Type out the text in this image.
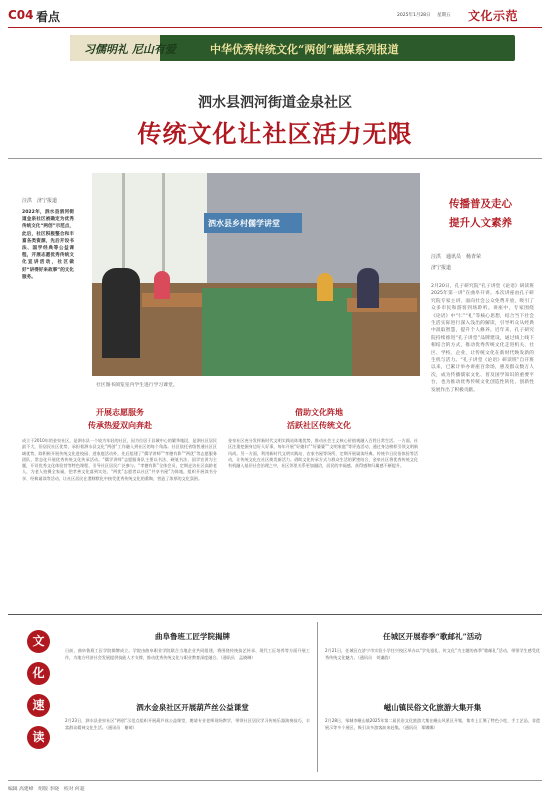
C04 看点	2025年1月28日 星期五 文化示范
习儒明礼 尼山有爱	中华优秀传统文化“两创”融媒系列报道
泗水县泗河街道金泉社区
传统文化让社区活力无限
汪洪　济宁报道
2022年，泗水县泗河街道金泉社区被确定为优秀传统文化“两创”示范点，此后，社区积极整合和丰富各类资源，先后开设书法、国学经典等公益课程，开展志愿优秀传统文化宣讲活动，社区做好“讲得好来故事”的文化服务。
泗水县乡村儒学讲堂
社区图书阅览室内学生进行学习课堂。
传播普及走心
提升人文素养
汪洪　通讯员　杨青荣
济宁报道
2月20日，孔子研究院“孔子讲堂《论语》研读班2025年第一讲”在曲阜开讲。本次讲座由孔子研究院专家主讲，面向社会公众免费开放，吸引了众多市民和游客到场聆听。讲座中，专家围绕《论语》中“仁”“礼”等核心思想，结合当下社会生活实际进行深入浅出的解读，引导听众从经典中汲取智慧，提升个人修养。近年来，孔子研究院持续推进“孔子讲堂”品牌建设，通过线上线下相结合的方式，推动优秀传统文化走进机关、社区、学校、企业，让传统文化在新时代焕发新的生机与活力。“孔子讲堂《论语》研读班”自开班以来，已累计举办讲座百余场，惠及群众数万人次，成为传播儒家文化、普及国学知识的重要平台，也为推动优秀传统文化创造性转化、创新性发展作出了积极贡献。
开展志愿服务
传承热爱双向奔赴
成立于2010年的金泉社区，是泗水县一个较为年轻的社区，因为位居于县城中心的繁华地段，是泗社区居民最不大，但居民社区优势，承担着泗水县文化“两创”工作融入到社区的每个角落。社区依托省级普通社区区域优势，除积极开展传统文化进校园、进家庭活动外，先后组建了“儒学讲师”“孝德有影”“两优”等志愿服务团队，常态化开展优秀传统文化传承活动。“儒学讲师”志愿服务队主要以书法、硬笔书法、国学宣讲为主题，开设优秀文化体验营等特色课程，引导社区居民广泛参与。“孝德有影”全体会员，定期走访社区高龄老人，为老人拍摄全家福，把孝善文化落到实处。“两优”志愿者以社区“共享书屋”为阵地，组织开展读书分享、经典诵读等活动，让社区居民在潜移默化中接受优秀传统文化的熏陶，营造了浓厚的文化氛围。
借助文化阵地
活跃社区传统文化
金泉社区充分发挥新时代文明实践站阵地优势，推动社会主义核心价值观融入百姓日常生活。一方面，社区注重挖掘身边好人好事，每年开展“好媳妇”“好婆婆”“文明家庭”等评选活动，通过身边榜样引领文明新风尚。另一方面，利用新时代文明实践站、农家书屋等场所，定期开展诵读经典、传统节日民俗体验等活动，让传统文化在社区焕发新活力。借助文化传承方式与群众生活的紧密结合，金泉社区将优秀传统文化有机融入基层社会治理之中，社区邻里关系更加融洽，居民的幸福感、获得感和归属感不断提升。
文
化
速
读
曲阜鲁班工匠学院揭牌
日前，曲阜鲁班工匠学院揭牌成立。学院由曲阜职业学院联合当地企业共同组建，将围绕传统技艺传承、现代工匠培养等方面开展工作，为地方经济社会发展提供技能人才支撑，推动优秀传统文化与职业教育深度融合。（通讯员　孟晓琳）
任城区开展春季“歌邮礼”活动
2月21日，任城区在济宁市实验小学任兴校区举办以“学先祖礼、传文化”为主题的春季“歌邮礼”活动，带领学生感受优秀传统文化魅力。（通讯员　刘谦韵）
泗水金泉社区开展葫芦丝公益课堂
2月23日，泗水县金泉社区“两创”示范点组织开展葫芦丝公益课堂，邀请专业老师现场教学，带领社区居民学习传统乐器演奏技巧，丰富群众精神文化生活。（通讯员　谢萌）
嵫山镇民俗文化旅游大集开集
2月28日，邹城市嵫山镇2025年第二届民俗文化旅游大集在嵫山风景区开集，集市上汇聚了特色小吃、手工艺品、非遗展示等多个展区，吸引众多游客前来赶集。（通讯员　郑娜娜）
编辑 高建峰　组版 李晓　校对 何超
